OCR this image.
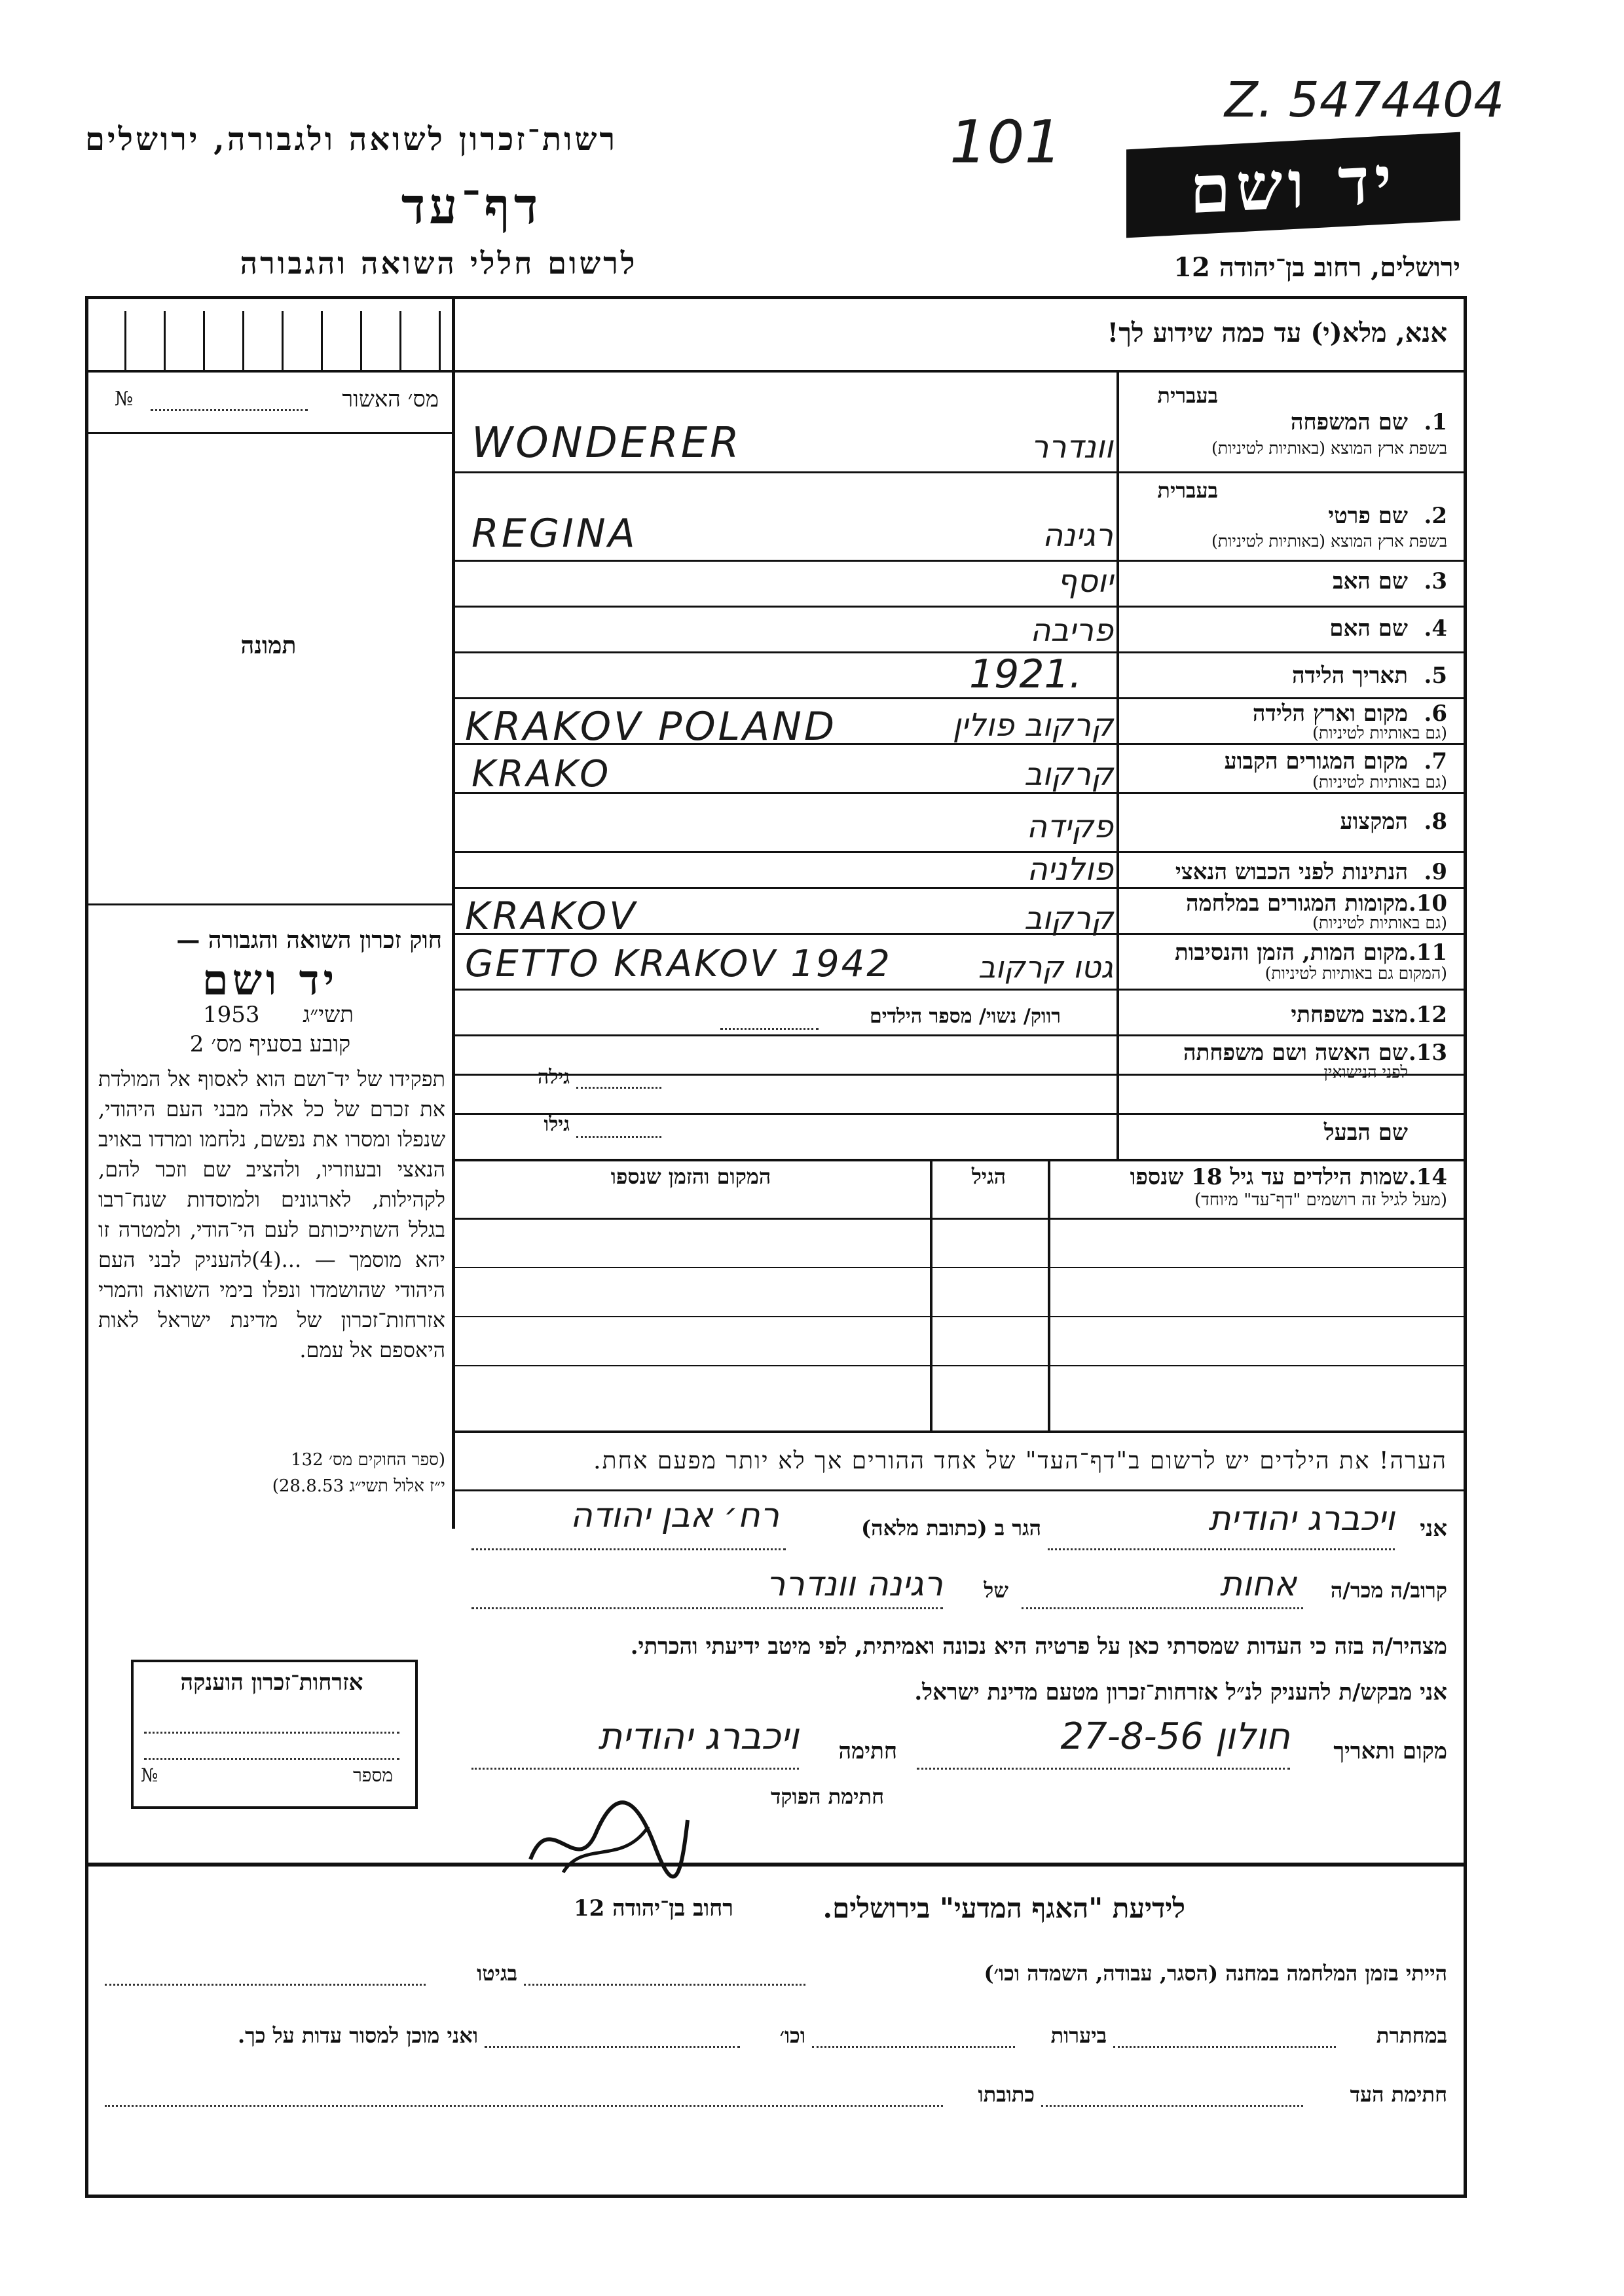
רשות־זכרון לשואה ולגבורה, ירושלים
דף־עד
לרשום חללי השואה והגבורה
101
Z. 5474404
יד ושם
ירושלים, רחוב בן־יהודה 12
אנא, מלא(י) עד כמה שידוע לך!
מס׳ האשור
№
תמונה
חוק זכרון השואה והגבורה —
יד ושם
תשי״ג
1953
קובע בסעיף מס׳ 2
תפקידו של יד־ושם הוא לאסוף אל המולדת את זכרם של כל אלה מבני העם היהודי, שנפלו ומסרו את נפשם, נלחמו ומרדו באויב הנאצי ובעוזריו, ולהציב שם וזכר להם, לקהילות, לארגונים ולמוסדות שנח־רבו בגלל השתייכותם לעם הי־הודי, ולמטרה זו יהא מוסמך — ...(4)להעניק לבני העם היהודי שהושמדו ונפלו בימי השואה והמרי אזרחות־זכרון של מדינת ישראל לאות היאספם אל עמם.
(ספר החוקים מס׳ 132
י״ז אלול תשי״ג 28.8.53)
בעברית
1.
שם המשפחה
בשפת ארץ המוצא (באותיות לטיניות)
WONDERER	וונדרר
בעברית
2.
שם פרטי
בשפת ארץ המוצא (באותיות לטיניות)
REGINA	רגינה
3.
שם האב
יוסף
4.
שם האם
פריבה
5.
תאריך הלידה
1921.
6.
מקום וארץ הלידה
(גם באותיות לטיניות)
KRAKOV POLAND	קרקוב פולין
7.
מקום המגורים הקבוע
(גם באותיות לטיניות)
KRAKO	קרקוב
8.
המקצוע
פקידה
9.
הנתינות לפני הכבוש הנאצי
פולניה
10.
מקומות המגורים במלחמה
(גם באותיות לטיניות)
KRAKOV	קרקוב
11.
מקום המות, הזמן והנסיבות
(המקום גם באותיות לטיניות)
GETTO KRAKOV 1942	גטו קרקוב
12.
מצב משפחתי
רווק/ נשוי/ מספר הילדים
13.
שם האשה ושם משפחתה
לפני הנישואין
גילה
שם הבעל
גילו
14.
שמות הילדים עד גיל 18 שנספו
(מעל לגיל זה רושמים "דף־עד" מיוחד)
הגיל
המקום והזמן שנספו
הערה! את הילדים יש לרשום ב"דף־העד" של אחד ההורים אך לא יותר מפעם אחת.
אני
ויכברג יהודית
הגר ב (כתובת מלאה)
רח׳ אבן יהודה
קרוב/ה מכר/ה
אחות
של
רגינה וונדרר
מצהיר/ה בזה כי העדות שמסרתי כאן על פרטיה היא נכונה ואמיתית, לפי מיטב ידיעתי והכרתי.
אני מבקש/ת להעניק לנ״ל אזרחות־זכרון מטעם מדינת ישראל.
מקום ותאריך
חולון 27-8-56
חתימה
ויכברג יהודית
חתימת הפוקד
אזרחות־זכרון הוענקה
מספר
№
לידיעת "האגף המדעי" בירושלים.
רחוב בן־יהודה 12
הייתי בזמן המלחמה במחנה (הסגר, עבודה, השמדה וכו׳)
בגיטו
במחתרת
ביערות
וכו׳
ואני מוכן למסור עדות על כך.
חתימת העד
כתובתו
